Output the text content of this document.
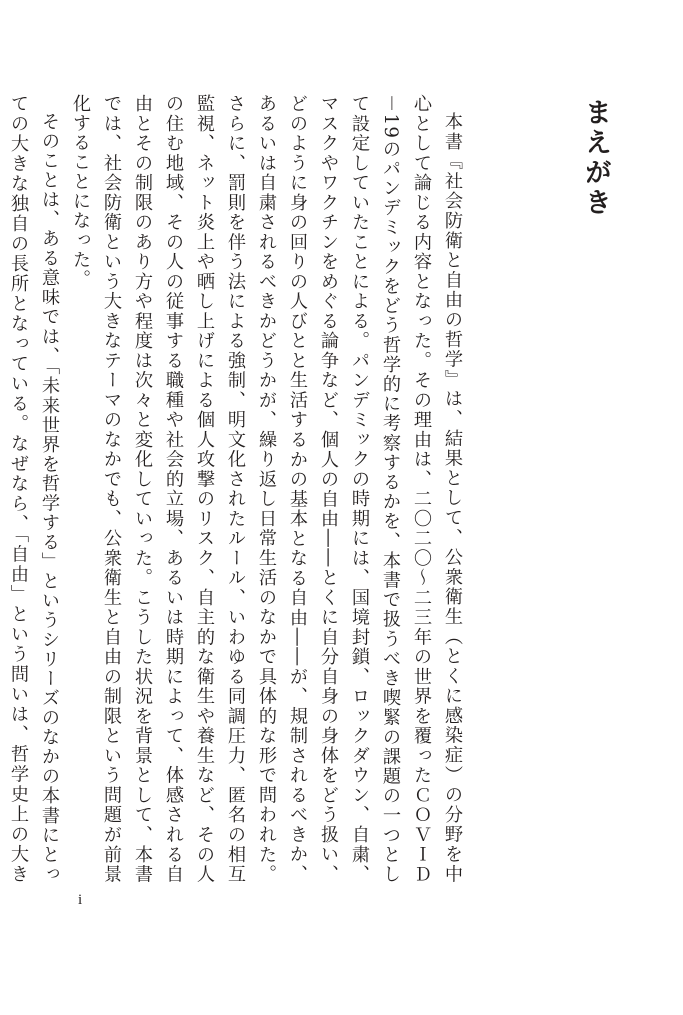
まえがき

本書『社会防衛と自由の哲学』は、結果として、公衆衛生（とくに感染症）の分野を中心として論じる内容となった。その理由は、二〇二〇～二三年の世界を覆ったＣＯＶＩＤ－19のパンデミックをどう哲学的に考察するかを、本書で扱うべき喫緊の課題の一つとして設定していたことによる。パンデミックの時期には、国境封鎖、ロックダウン、自粛、マスクやワクチンをめぐる論争など、個人の自由――とくに自分自身の身体をどう扱い、どのように身の回りの人びとと生活するかの基本となる自由――が、規制されるべきか、あるいは自粛されるべきかどうかが、繰り返し日常生活のなかで具体的な形で問われた。さらに、罰則を伴う法による強制、明文化されたルール、いわゆる同調圧力、匿名の相互監視、ネット炎上や晒し上げによる個人攻撃のリスク、自主的な衛生や養生など、その人の住む地域、その人の従事する職種や社会的立場、あるいは時期によって、体感される自由とその制限のあり方や程度は次々と変化していった。こうした状況を背景として、本書では、社会防衛という大きなテーマのなかでも、公衆衛生と自由の制限という問題が前景化することになった。

そのことは、ある意味では、「未来世界を哲学する」というシリーズのなかの本書にとっての大きな独自の長所となっている。なぜなら、「自由」という問いは、哲学史上の大き

i
